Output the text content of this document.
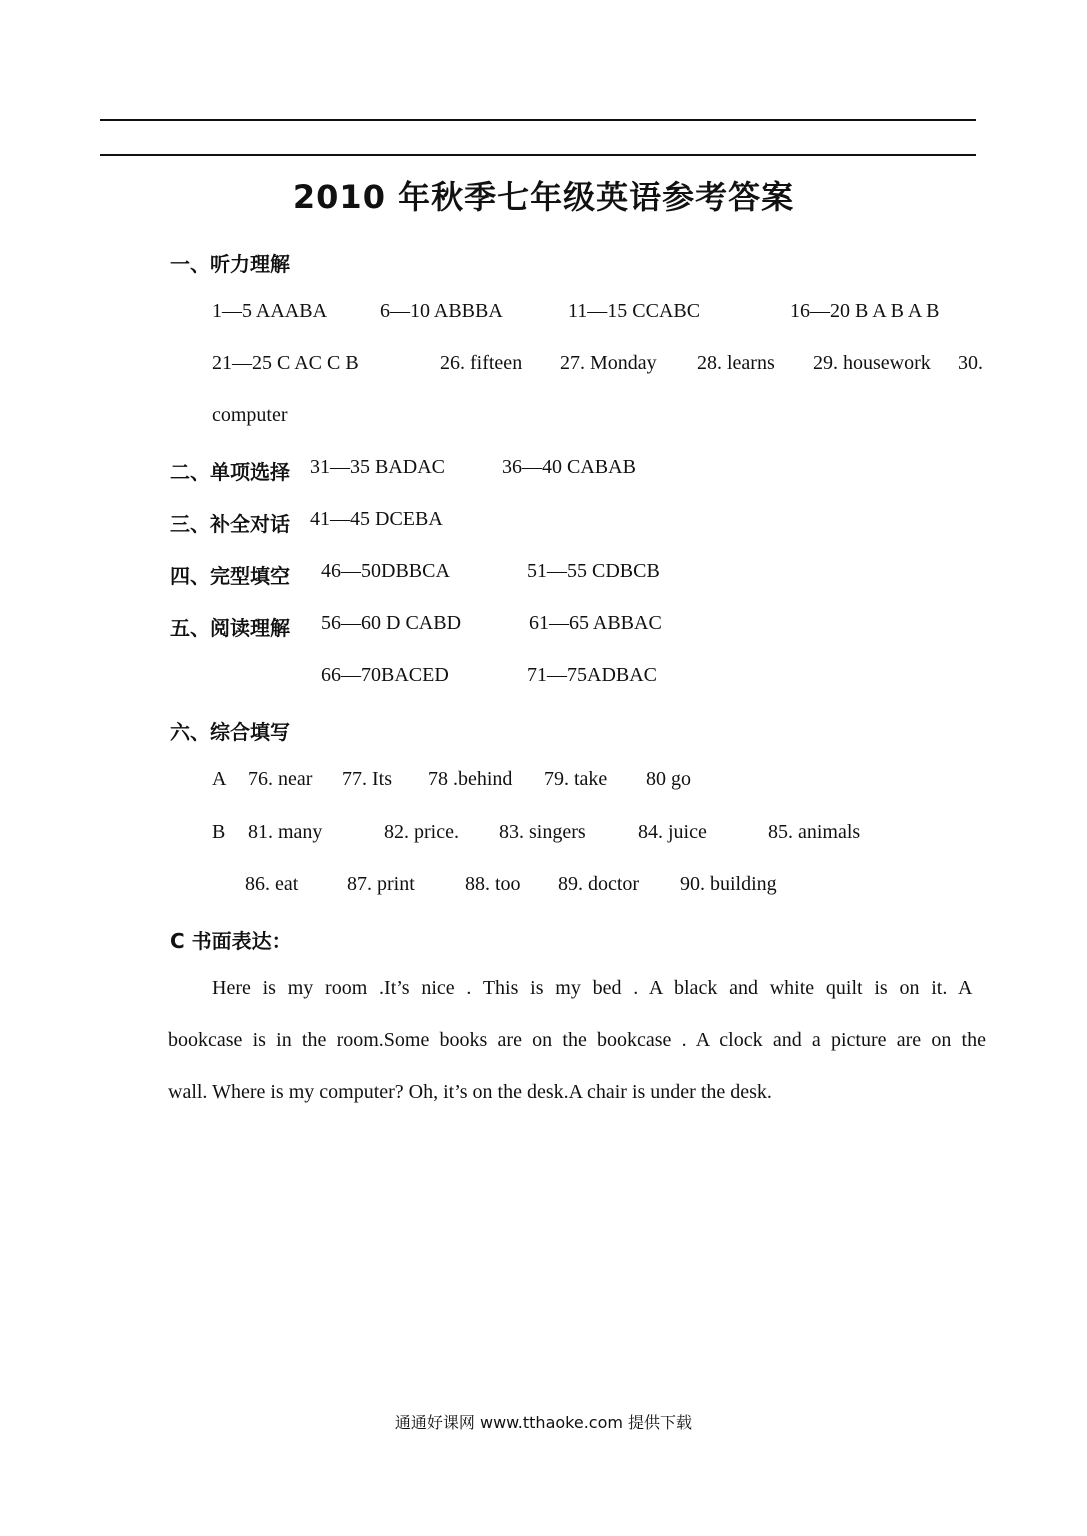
2010 年秋季七年级英语参考答案
一、听力理解
1—5 AAABA	6—10 ABBBA	11—15 CCABC	16—20 B A B A B
21—25 C AC C B	26. fifteen 27. Monday 28. learns 29. housework 30.
computer
二、单项选择 31—35 BADAC	36—40 CABAB
三、补全对话 41—45 DCEBA
四、完型填空 46—50DBBCA	51—55 CDBCB
五、阅读理解 56—60 D CABD	61—65 ABBAC
66—70BACED	71—75ADBAC
六、综合填写
A 76. near 77. Its 78 .behind 79. take 80 go
B 81. many	82. price. 83. singers	84. juice	85. animals
86. eat 87. print	88. too 89. doctor 90. building
C 书面表达：
Here is my room .It’s nice . This is my bed . A black and white quilt is on it. A
bookcase is in the room.Some books are on the bookcase . A clock and a picture are on the
wall. Where is my computer? Oh, it’s on the desk.A chair is under the desk.
通通好课网 www.tthaoke.com 提供下载
